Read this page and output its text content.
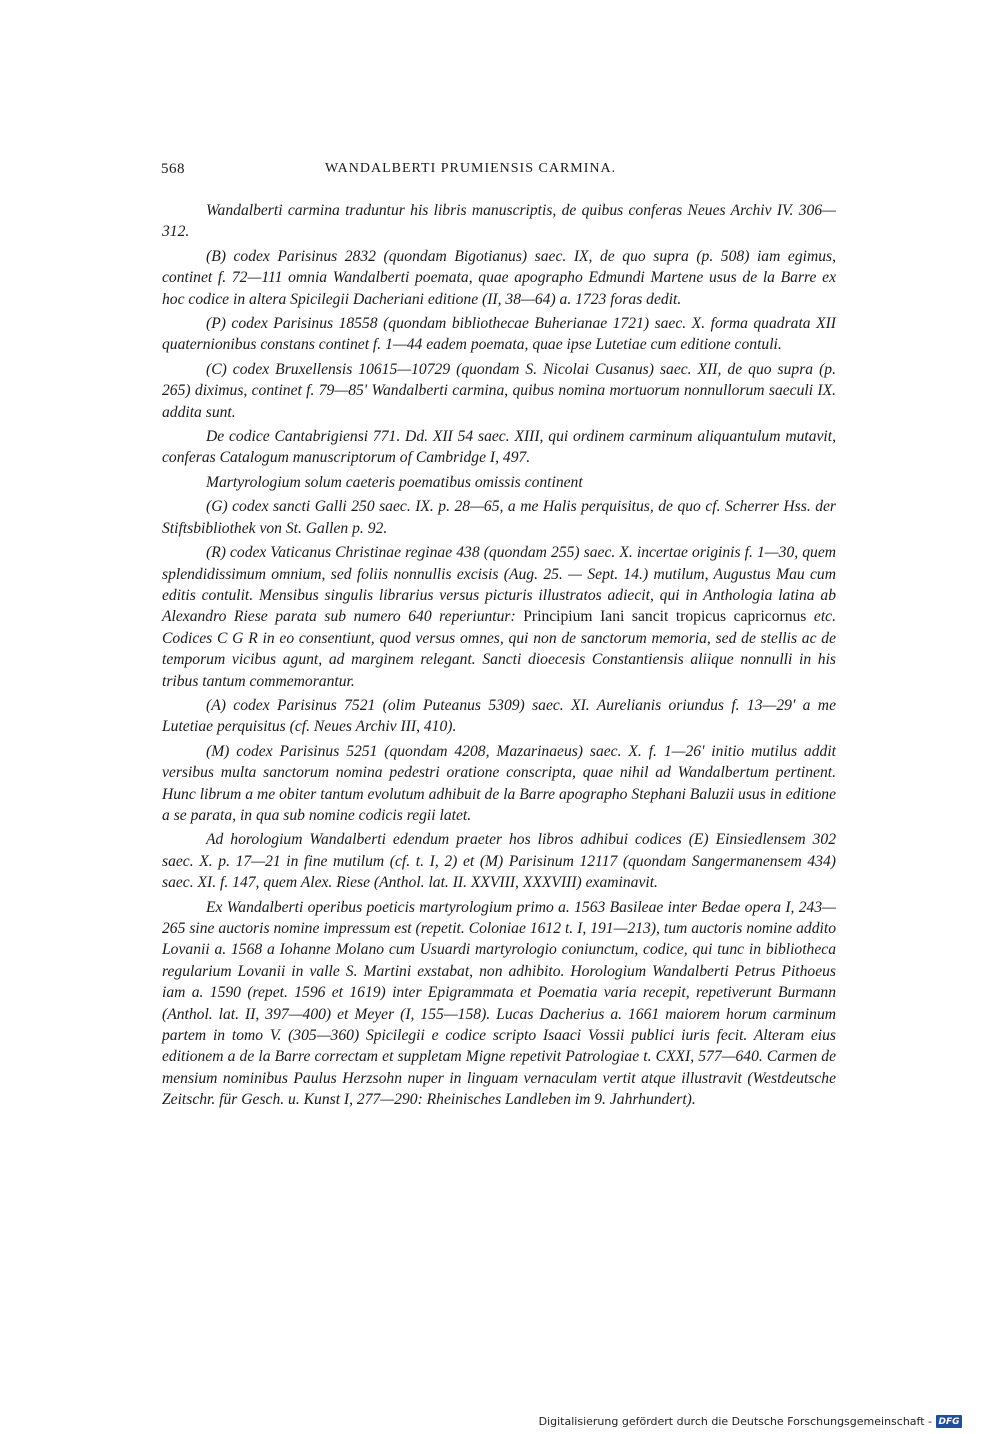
568	WANDALBERTI PRUMIENSIS CARMINA.

Wandalberti carmina traduntur his libris manuscriptis, de quibus conferas Neues Archiv IV. 306—312.

(B) codex Parisinus 2832 (quondam Bigotianus) saec. IX, de quo supra (p. 508) iam egimus, continet f. 72—111 omnia Wandalberti poemata, quae apographo Edmundi Martene usus de la Barre ex hoc codice in altera Spicilegii Dacheriani editione (II, 38—64) a. 1723 foras dedit.

(P) codex Parisinus 18558 (quondam bibliothecae Buherianae 1721) saec. X. forma quadrata XII quaternionibus constans continet f. 1—44 eadem poemata, quae ipse Lutetiae cum editione contuli.

(C) codex Bruxellensis 10615—10729 (quondam S. Nicolai Cusanus) saec. XII, de quo supra (p. 265) diximus, continet f. 79—85' Wandalberti carmina, quibus nomina mortuorum nonnullorum saeculi IX. addita sunt.

De codice Cantabrigiensi 771. Dd. XII 54 saec. XIII, qui ordinem carminum aliquantulum mutavit, conferas Catalogum manuscriptorum of Cambridge I, 497.

Martyrologium solum caeteris poematibus omissis continent

(G) codex sancti Galli 250 saec. IX. p. 28—65, a me Halis perquisitus, de quo cf. Scherrer Hss. der Stiftsbibliothek von St. Gallen p. 92.

(R) codex Vaticanus Christinae reginae 438 (quondam 255) saec. X. incertae originis f. 1—30, quem splendidissimum omnium, sed foliis nonnullis excisis (Aug. 25. — Sept. 14.) mutilum, Augustus Mau cum editis contulit. Mensibus singulis librarius versus picturis illustratos adiecit, qui in Anthologia latina ab Alexandro Riese parata sub numero 640 reperiuntur: Principium Iani sancit tropicus capricornus etc. Codices C G R in eo consentiunt, quod versus omnes, qui non de sanctorum memoria, sed de stellis ac de temporum vicibus agunt, ad marginem relegant. Sancti dioecesis Constantiensis aliique nonnulli in his tribus tantum commemorantur.

(A) codex Parisinus 7521 (olim Puteanus 5309) saec. XI. Aurelianis oriundus f. 13—29' a me Lutetiae perquisitus (cf. Neues Archiv III, 410).

(M) codex Parisinus 5251 (quondam 4208, Mazarinaeus) saec. X. f. 1—26' initio mutilus addit versibus multa sanctorum nomina pedestri oratione conscripta, quae nihil ad Wandalbertum pertinent. Hunc librum a me obiter tantum evolutum adhibuit de la Barre apographo Stephani Baluzii usus in editione a se parata, in qua sub nomine codicis regii latet.

Ad horologium Wandalberti edendum praeter hos libros adhibui codices (E) Einsiedlensem 302 saec. X. p. 17—21 in fine mutilum (cf. t. I, 2) et (M) Parisinum 12117 (quondam Sangermanensem 434) saec. XI. f. 147, quem Alex. Riese (Anthol. lat. II. XXVIII, XXXVIII) examinavit.

Ex Wandalberti operibus poeticis martyrologium primo a. 1563 Basileae inter Bedae opera I, 243—265 sine auctoris nomine impressum est (repetit. Coloniae 1612 t. I, 191—213), tum auctoris nomine addito Lovanii a. 1568 a Iohanne Molano cum Usuardi martyrologio coniunctum, codice, qui tunc in bibliotheca regularium Lovanii in valle S. Martini exstabat, non adhibito. Horologium Wandalberti Petrus Pithoeus iam a. 1590 (repet. 1596 et 1619) inter Epigrammata et Poematia varia recepit, repetiverunt Burmann (Anthol. lat. II, 397—400) et Meyer (I, 155—158). Lucas Dacherius a. 1661 maiorem horum carminum partem in tomo V. (305—360) Spicilegii e codice scripto Isaaci Vossii publici iuris fecit. Alteram eius editionem a de la Barre correctam et suppletam Migne repetivit Patrologiae t. CXXI, 577—640. Carmen de mensium nominibus Paulus Herzsohn nuper in linguam vernaculam vertit atque illustravit (Westdeutsche Zeitschr. für Gesch. u. Kunst I, 277—290: Rheinisches Landleben im 9. Jahrhundert).

Digitalisierung gefördert durch die Deutsche Forschungsgemeinschaft - DFG
